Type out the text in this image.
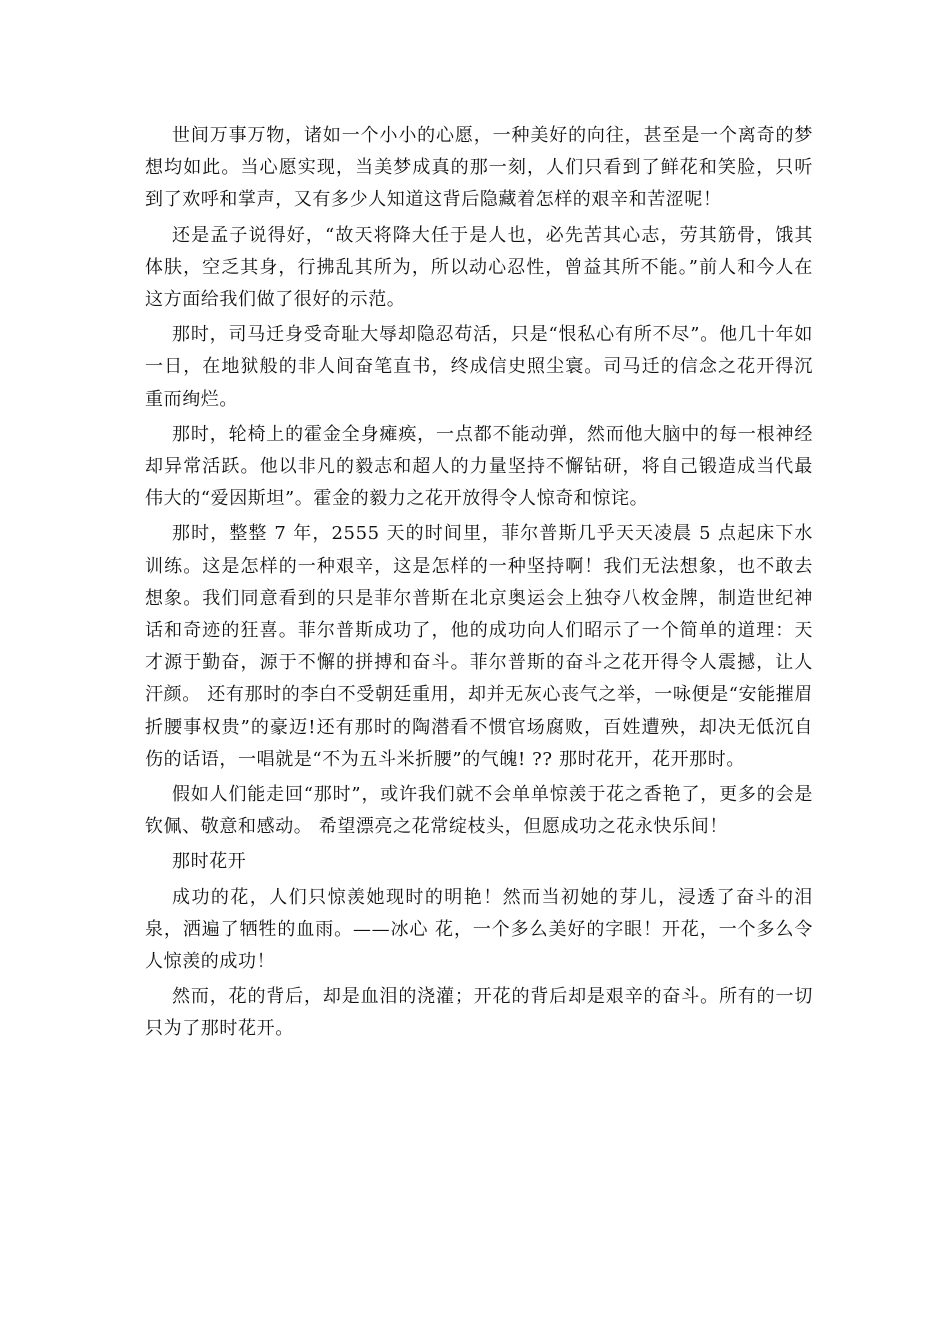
世间万事万物，诸如一个小小的心愿，一种美好的向往，甚至是一个离奇的梦想均如此。当心愿实现，当美梦成真的那一刻，人们只看到了鲜花和笑脸，只听到了欢呼和掌声，又有多少人知道这背后隐藏着怎样的艰辛和苦涩呢！

还是孟子说得好，“故天将降大任于是人也，必先苦其心志，劳其筋骨，饿其体肤，空乏其身，行拂乱其所为，所以动心忍性，曾益其所不能。”前人和今人在这方面给我们做了很好的示范。

那时，司马迁身受奇耻大辱却隐忍苟活，只是“恨私心有所不尽”。他几十年如一日，在地狱般的非人间奋笔直书，终成信史照尘寰。司马迁的信念之花开得沉重而绚烂。

那时，轮椅上的霍金全身瘫痪，一点都不能动弹，然而他大脑中的每一根神经却异常活跃。他以非凡的毅志和超人的力量坚持不懈钻研，将自己锻造成当代最伟大的“爱因斯坦”。霍金的毅力之花开放得令人惊奇和惊诧。

那时，整整 7 年，2555 天的时间里，菲尔普斯几乎天天凌晨 5 点起床下水训练。这是怎样的一种艰辛，这是怎样的一种坚持啊！我们无法想象，也不敢去想象。我们同意看到的只是菲尔普斯在北京奥运会上独夺八枚金牌，制造世纪神话和奇迹的狂喜。菲尔普斯成功了，他的成功向人们昭示了一个简单的道理：天才源于勤奋，源于不懈的拼搏和奋斗。菲尔普斯的奋斗之花开得令人震撼，让人汗颜。 还有那时的李白不受朝廷重用，却并无灰心丧气之举，一咏便是“安能摧眉折腰事权贵”的豪迈!还有那时的陶潜看不惯官场腐败，百姓遭殃，却决无低沉自伤的话语，一唱就是“不为五斗米折腰”的气魄! ?? 那时花开，花开那时。

假如人们能走回“那时”，或许我们就不会单单惊羡于花之香艳了，更多的会是钦佩、敬意和感动。 希望漂亮之花常绽枝头，但愿成功之花永快乐间！

那时花开

成功的花，人们只惊羡她现时的明艳！然而当初她的芽儿，浸透了奋斗的泪泉，洒遍了牺牲的血雨。——冰心 花，一个多么美好的字眼！开花，一个多么令人惊羡的成功！

然而，花的背后，却是血泪的浇灌；开花的背后却是艰辛的奋斗。所有的一切只为了那时花开。
